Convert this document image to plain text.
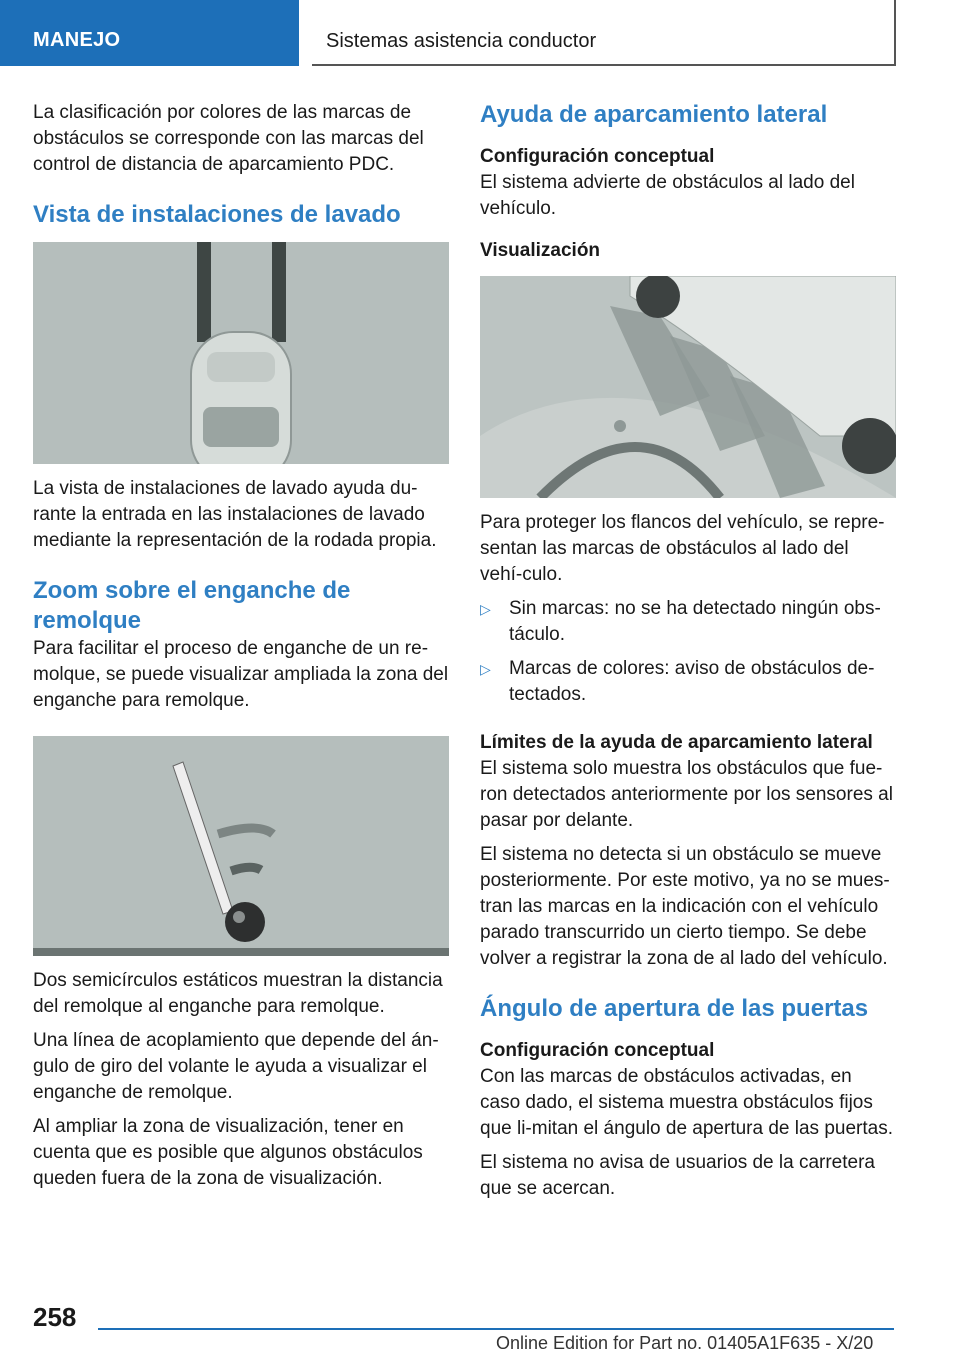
MANEJO	Sistemas asistencia conductor

La clasificación por colores de las marcas de obstáculos se corresponde con las marcas del control de distancia de aparcamiento PDC.

Vista de instalaciones de lavado

La vista de instalaciones de lavado ayuda du-rante la entrada en las instalaciones de lavado mediante la representación de la rodada propia.

Zoom sobre el enganche de remolque

Para facilitar el proceso de enganche de un re-molque, se puede visualizar ampliada la zona del enganche para remolque.

Dos semicírculos estáticos muestran la distancia del remolque al enganche para remolque.

Una línea de acoplamiento que depende del án-gulo de giro del volante le ayuda a visualizar el enganche de remolque.

Al ampliar la zona de visualización, tener en cuenta que es posible que algunos obstáculos queden fuera de la zona de visualización.

Ayuda de aparcamiento lateral
Configuración conceptual

El sistema advierte de obstáculos al lado del vehículo.

Visualización

Para proteger los flancos del vehículo, se repre-sentan las marcas de obstáculos al lado del vehí-culo.

▷ Sin marcas: no se ha detectado ningún obs-táculo.
▷ Marcas de colores: aviso de obstáculos de-tectados.
Límites de la ayuda de aparcamiento lateral

El sistema solo muestra los obstáculos que fue-ron detectados anteriormente por los sensores al pasar por delante.

El sistema no detecta si un obstáculo se mueve posteriormente. Por este motivo, ya no se mues-tran las marcas en la indicación con el vehículo parado transcurrido un cierto tiempo. Se debe volver a registrar la zona de al lado del vehículo.

Ángulo de apertura de las puertas
Configuración conceptual

Con las marcas de obstáculos activadas, en caso dado, el sistema muestra obstáculos fijos que li-mitan el ángulo de apertura de las puertas.

El sistema no avisa de usuarios de la carretera que se acercan.

258
Online Edition for Part no. 01405A1F635 - X/20
